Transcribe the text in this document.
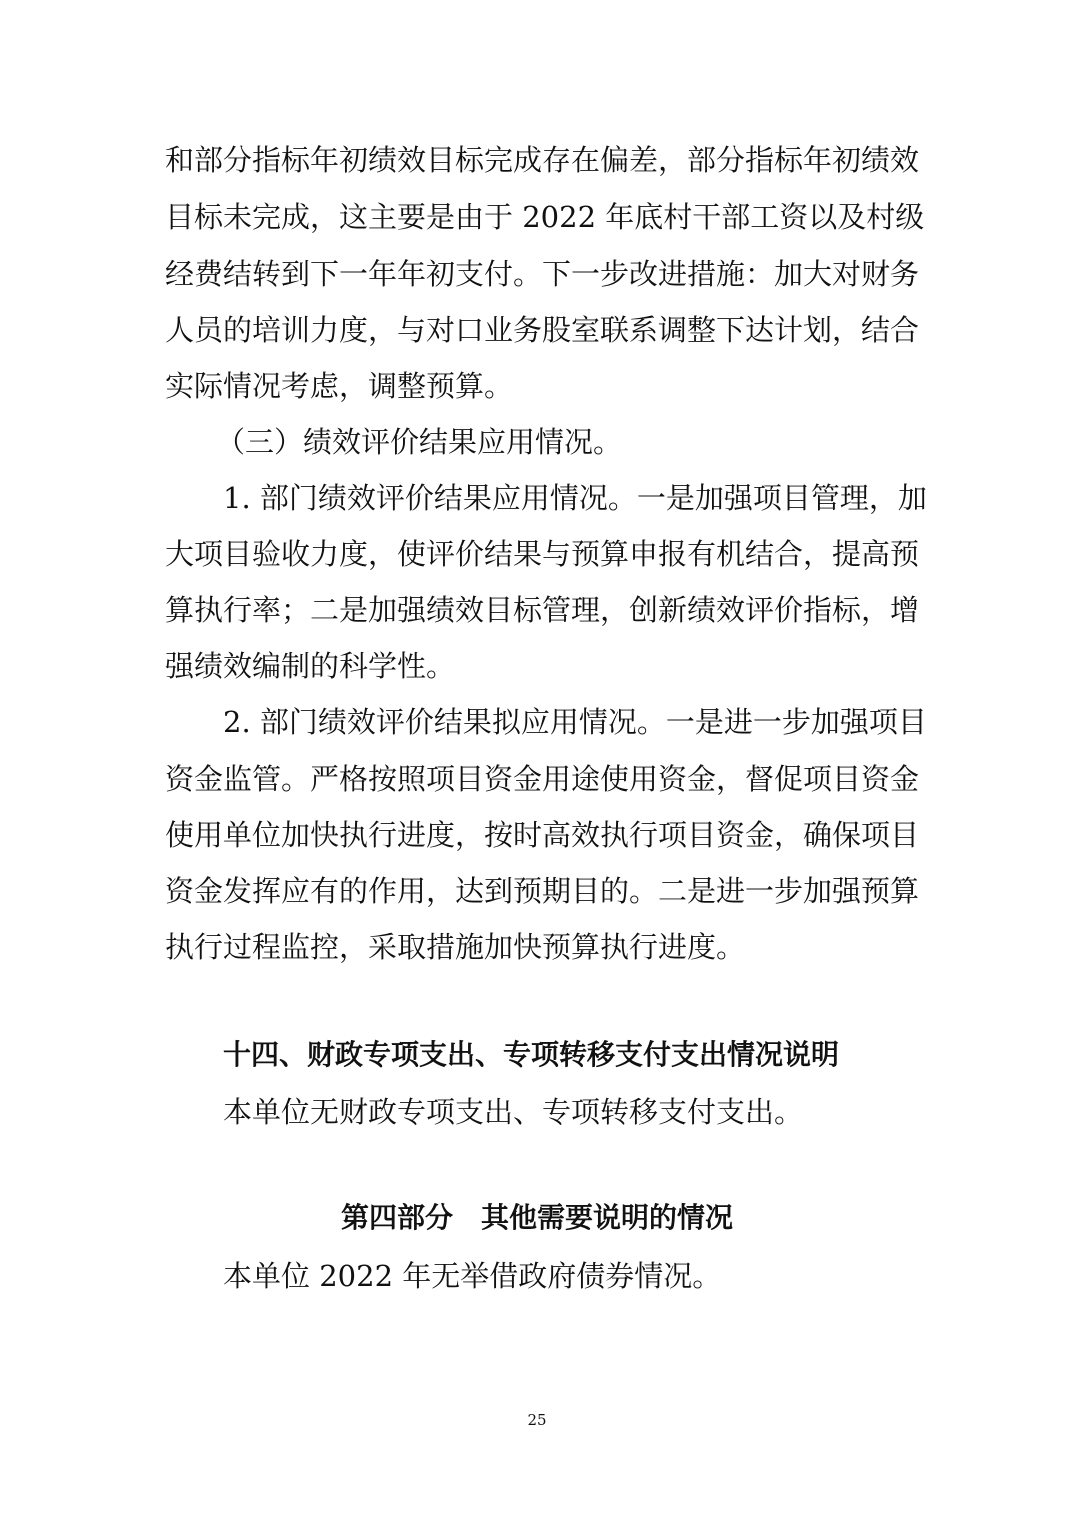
和部分指标年初绩效目标完成存在偏差，部分指标年初绩效
目标未完成，这主要是由于 2022 年底村干部工资以及村级
经费结转到下一年年初支付。下一步改进措施：加大对财务
人员的培训力度，与对口业务股室联系调整下达计划，结合
实际情况考虑，调整预算。
（三）绩效评价结果应用情况。
1. 部门绩效评价结果应用情况。一是加强项目管理，加
大项目验收力度，使评价结果与预算申报有机结合，提高预
算执行率；二是加强绩效目标管理，创新绩效评价指标，增
强绩效编制的科学性。
2. 部门绩效评价结果拟应用情况。一是进一步加强项目
资金监管。严格按照项目资金用途使用资金，督促项目资金
使用单位加快执行进度，按时高效执行项目资金，确保项目
资金发挥应有的作用，达到预期目的。二是进一步加强预算
执行过程监控，采取措施加快预算执行进度。
十四、财政专项支出、专项转移支付支出情况说明
本单位无财政专项支出、专项转移支付支出。
第四部分　其他需要说明的情况
本单位 2022 年无举借政府债券情况。
25
